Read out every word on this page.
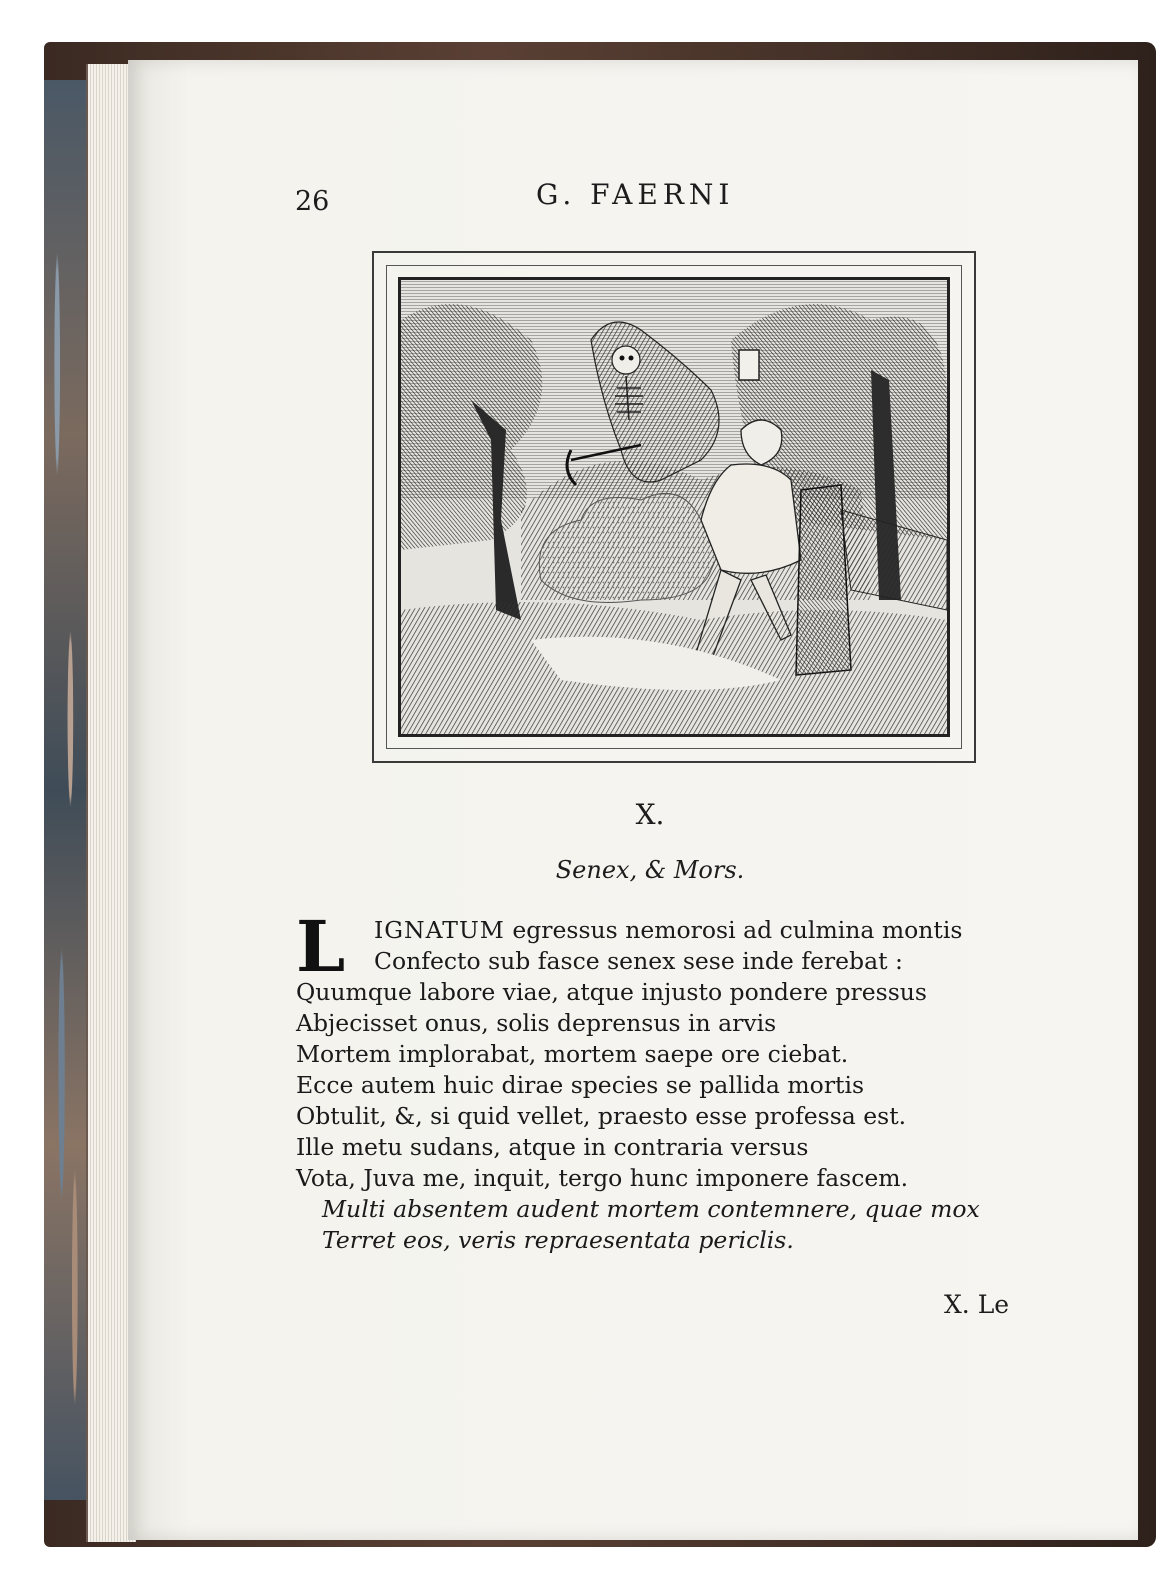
26	G. FAERNI
X.
Senex, & Mors.
L	IGNATUM egressus nemorosi ad culmina montis
Confecto sub fasce senex sese inde ferebat :
Quumque labore viae, atque injusto pondere pressus
Abjecisset onus, solis deprensus in arvis
Mortem implorabat, mortem saepe ore ciebat.
Ecce autem huic dirae species se pallida mortis
Obtulit, &, si quid vellet, praesto esse professa est.
Ille metu sudans, atque in contraria versus
Vota, Juva me, inquit, tergo hunc imponere fascem.
Multi absentem audent mortem contemnere, quae mox
Terret eos, veris repraesentata periclis.
X. Le
